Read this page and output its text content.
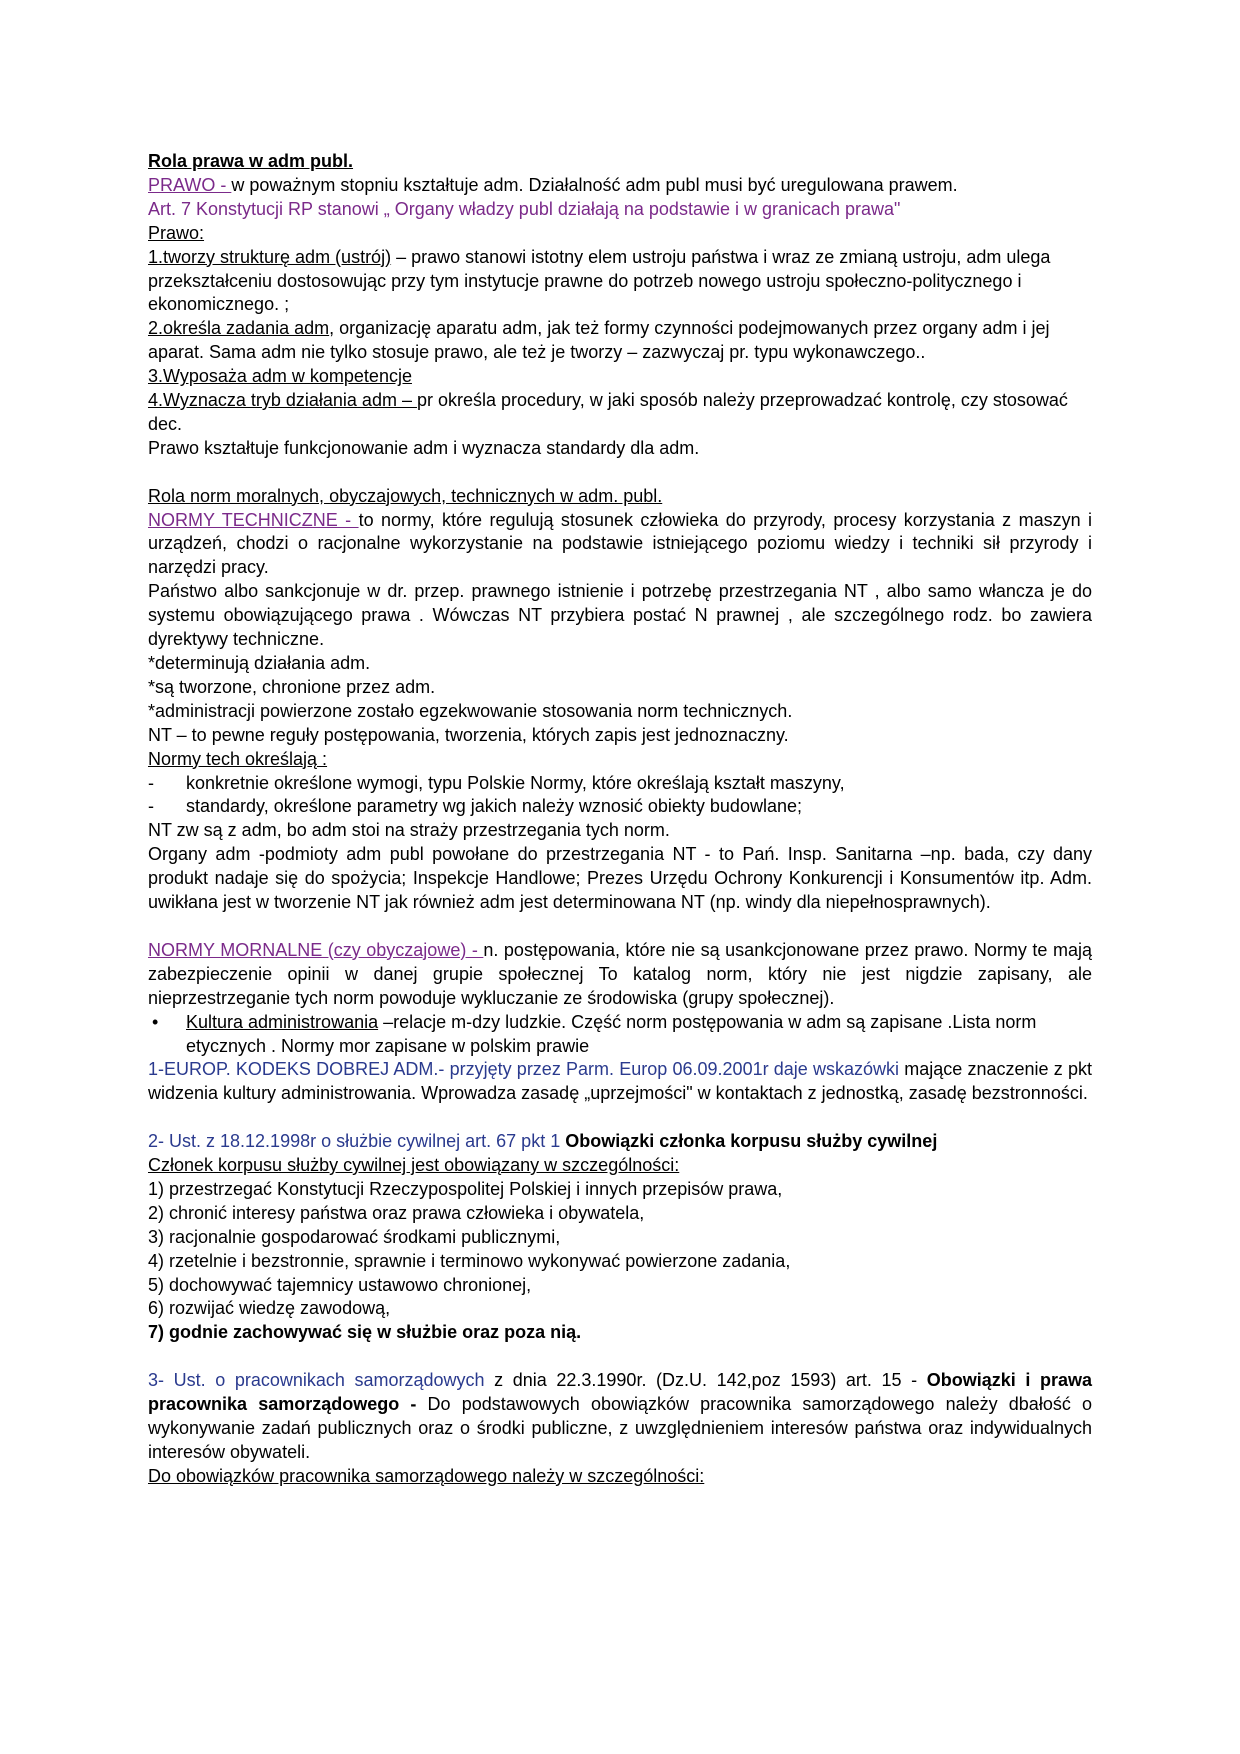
Rola prawa w adm publ.

PRAWO - w poważnym stopniu kształtuje adm. Działalność adm publ musi być uregulowana prawem.

Art. 7 Konstytucji RP stanowi „ Organy władzy publ działają na podstawie i w granicach prawa"

Prawo:

1.tworzy strukturę adm (ustrój) – prawo stanowi istotny elem ustroju państwa i wraz ze zmianą ustroju, adm ulega przekształceniu dostosowując przy tym instytucje prawne do potrzeb nowego ustroju społeczno-politycznego i ekonomicznego. ;

2.określa zadania adm, organizację aparatu adm, jak też formy czynności podejmowanych przez organy adm i jej aparat. Sama adm nie tylko stosuje prawo, ale też je tworzy – zazwyczaj pr. typu wykonawczego..

3.Wyposaża adm w kompetencje

4.Wyznacza tryb działania adm – pr określa procedury, w jaki sposób należy przeprowadzać kontrolę, czy stosować dec.

Prawo kształtuje funkcjonowanie adm i wyznacza standardy dla adm.

Rola norm moralnych, obyczajowych, technicznych w adm. publ.

NORMY TECHNICZNE - to normy, które regulują stosunek człowieka do przyrody, procesy korzystania z maszyn i urządzeń, chodzi o racjonalne wykorzystanie na podstawie istniejącego poziomu wiedzy i techniki sił przyrody i narzędzi pracy.

Państwo albo sankcjonuje w dr. przep. prawnego istnienie i potrzebę przestrzegania NT , albo samo włancza je do systemu obowiązującego prawa . Wówczas NT przybiera postać N prawnej , ale szczególnego rodz. bo zawiera dyrektywy techniczne.

*determinują działania adm.

*są tworzone, chronione przez adm.

*administracji powierzone zostało egzekwowanie stosowania norm technicznych.

NT – to pewne reguły postępowania, tworzenia, których zapis jest jednoznaczny.

Normy tech określają :

- konkretnie określone wymogi, typu Polskie Normy, które określają kształt maszyny,

- standardy, określone parametry wg jakich należy wznosić obiekty budowlane;

NT zw są z adm, bo adm stoi na straży przestrzegania tych norm.

Organy adm -podmioty adm publ powołane do przestrzegania NT - to Pań. Insp. Sanitarna –np. bada, czy dany produkt nadaje się do spożycia; Inspekcje Handlowe; Prezes Urzędu Ochrony Konkurencji i Konsumentów itp. Adm. uwikłana jest w tworzenie NT jak również adm jest determinowana NT (np. windy dla niepełnosprawnych).

NORMY MORNALNE (czy obyczajowe) - n. postępowania, które nie są usankcjonowane przez prawo. Normy te mają zabezpieczenie opinii w danej grupie społecznej To katalog norm, który nie jest nigdzie zapisany, ale nieprzestrzeganie tych norm powoduje wykluczanie ze środowiska (grupy społecznej).

• Kultura administrowania –relacje m-dzy ludzkie. Część norm postępowania w adm są zapisane .Lista norm etycznych . Normy mor zapisane w polskim prawie

1-EUROP. KODEKS DOBREJ ADM.- przyjęty przez Parm. Europ 06.09.2001r daje wskazówki mające znaczenie z pkt widzenia kultury administrowania. Wprowadza zasadę „uprzejmości" w kontaktach z jednostką, zasadę bezstronności.

2- Ust. z 18.12.1998r o służbie cywilnej art. 67 pkt 1 Obowiązki członka korpusu służby cywilnej

Członek korpusu służby cywilnej jest obowiązany w szczególności:

1) przestrzegać Konstytucji Rzeczypospolitej Polskiej i innych przepisów prawa,

2) chronić interesy państwa oraz prawa człowieka i obywatela,

3) racjonalnie gospodarować środkami publicznymi,

4) rzetelnie i bezstronnie, sprawnie i terminowo wykonywać powierzone zadania,

5) dochowywać tajemnicy ustawowo chronionej,

6) rozwijać wiedzę zawodową,

7) godnie zachowywać się w służbie oraz poza nią.

3- Ust. o pracownikach samorządowych z dnia 22.3.1990r. (Dz.U. 142,poz 1593) art. 15 - Obowiązki i prawa pracownika samorządowego - Do podstawowych obowiązków pracownika samorządowego należy dbałość o wykonywanie zadań publicznych oraz o środki publiczne, z uwzględnieniem interesów państwa oraz indywidualnych interesów obywateli.

Do obowiązków pracownika samorządowego należy w szczególności:
